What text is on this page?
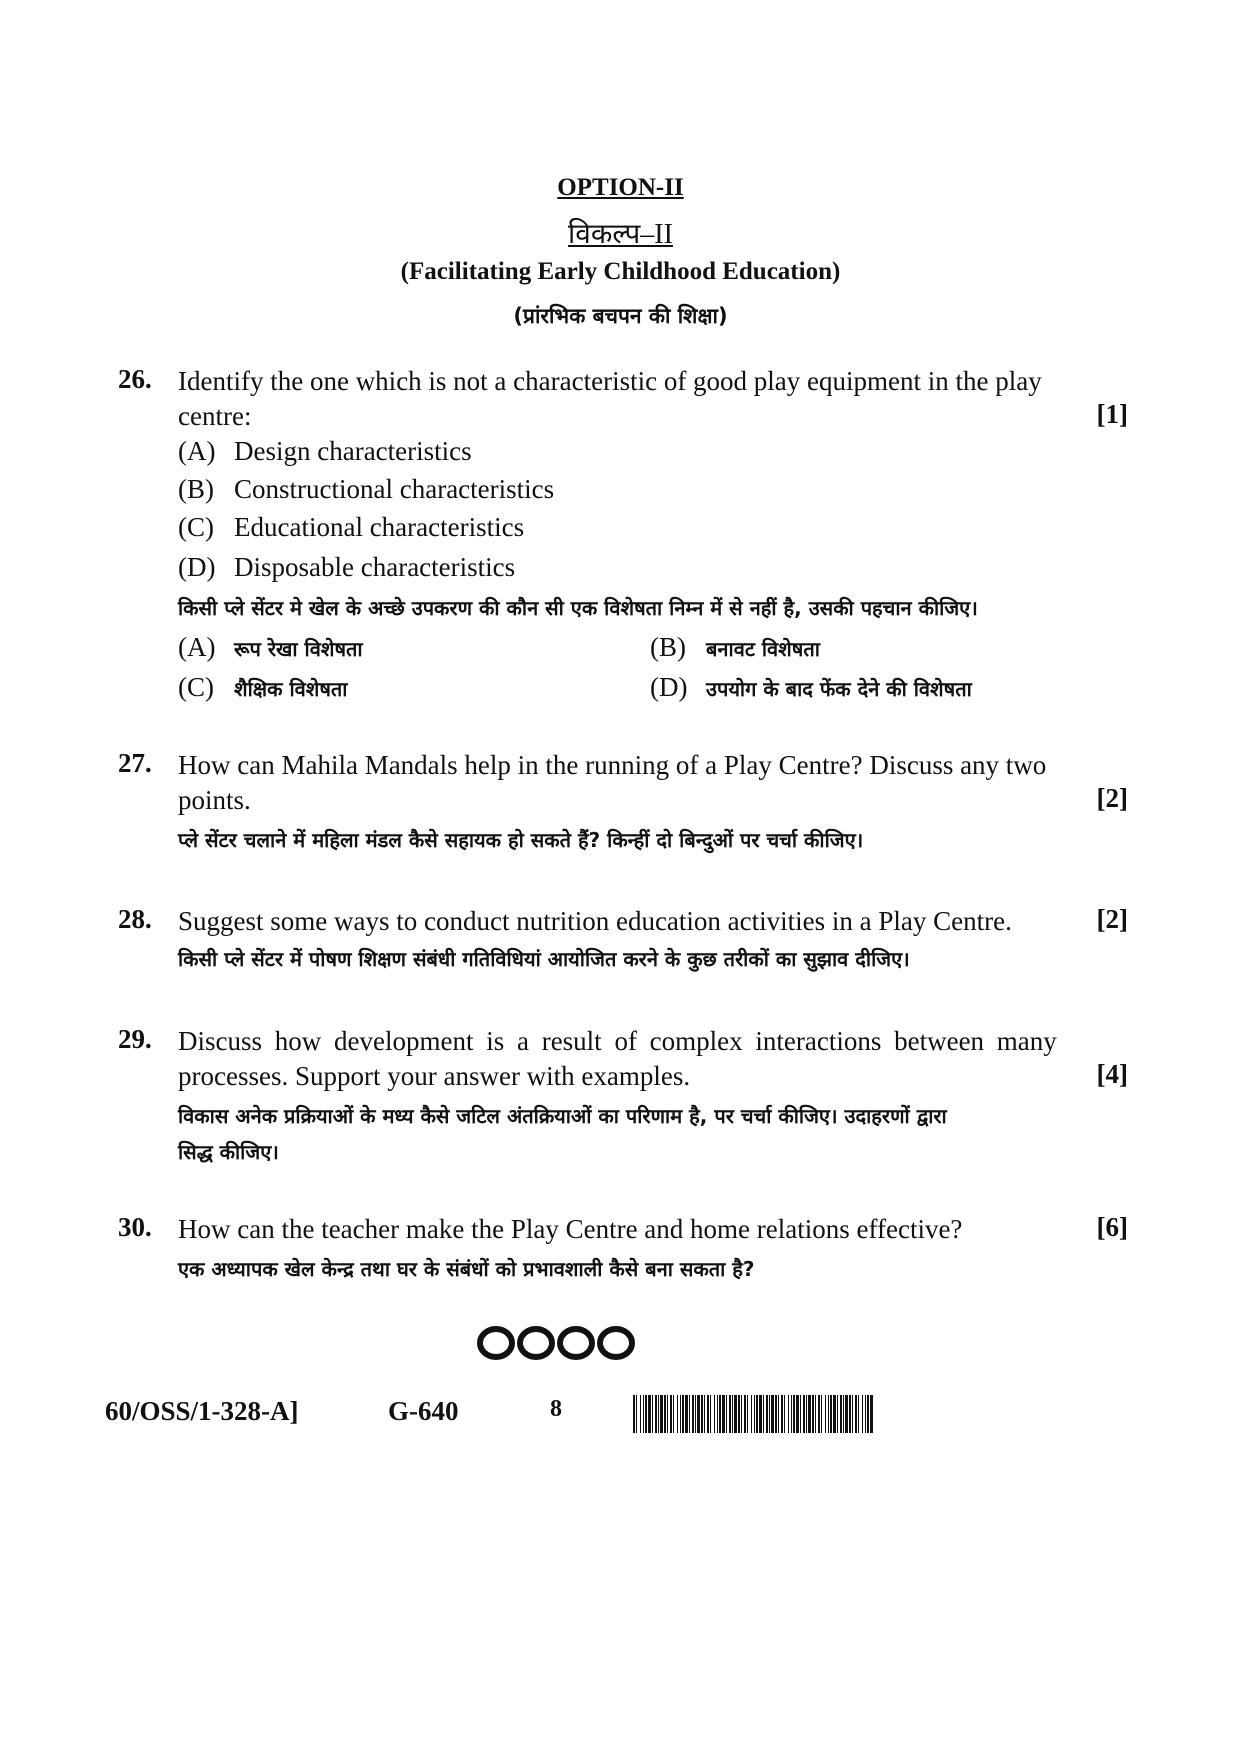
OPTION-II
विकल्प–II
(Facilitating Early Childhood Education)
(प्रांरभिक बचपन की शिक्षा)
26. Identify the one which is not a characteristic of good play equipment in the play
centre:	[1]
(A) Design characteristics
(B) Constructional characteristics
(C) Educational characteristics
(D) Disposable characteristics
किसी प्ले सेंटर मे खेल के अच्छे उपकरण की कौन सी एक विशेषता निम्न में से नहीं है, उसकी पहचान कीजिए।
(A) रूप रेखा विशेषता	(B) बनावट विशेषता
(C) शैक्षिक विशेषता	(D) उपयोग के बाद फेंक देने की विशेषता
27. How can Mahila Mandals help in the running of a Play Centre? Discuss any two
points.	[2]
प्ले सेंटर चलाने में महिला मंडल कैसे सहायक हो सकते हैं? किन्हीं दो बिन्दुओं पर चर्चा कीजिए।
28. Suggest some ways to conduct nutrition education activities in a Play Centre.	[2]
किसी प्ले सेंटर में पोषण शिक्षण संबंधी गतिविधियां आयोजित करने के कुछ तरीकों का सुझाव दीजिए।
29. Discuss how development is a result of complex interactions between many
processes. Support your answer with examples.	[4]
विकास अनेक प्रक्रियाओं के मध्य कैसे जटिल अंतक्रियाओं का परिणाम है, पर चर्चा कीजिए। उदाहरणों द्वारा
सिद्ध कीजिए।
30. How can the teacher make the Play Centre and home relations effective?	[6]
एक अध्यापक खेल केन्द्र तथा घर के संबंधों को प्रभावशाली कैसे बना सकता है?
60/OSS/1-328-A]	G-640	8
